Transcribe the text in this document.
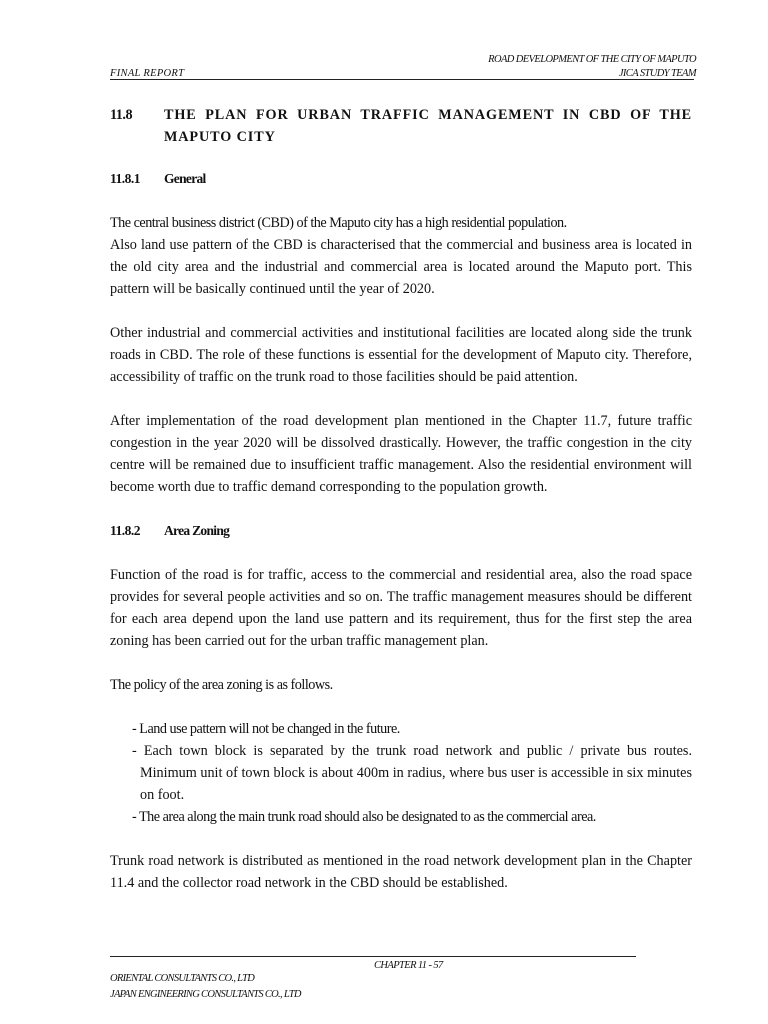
ROAD DEVELOPMENT OF THE CITY OF MAPUTO
FINAL REPORT	JICA STUDY TEAM
11.8	THE PLAN FOR URBAN TRAFFIC MANAGEMENT IN CBD OF THE MAPUTO CITY
11.8.1	General

The central business district (CBD) of the Maputo city has a high residential population.

Also land use pattern of the CBD is characterised that the commercial and business area is located in the old city area and the industrial and commercial area is located around the Maputo port. This pattern will be basically continued until the year of 2020.

Other industrial and commercial activities and institutional facilities are located along side the trunk roads in CBD. The role of these functions is essential for the development of Maputo city. Therefore, accessibility of traffic on the trunk road to those facilities should be paid attention.

After implementation of the road development plan mentioned in the Chapter 11.7, future traffic congestion in the year 2020 will be dissolved drastically. However, the traffic congestion in the city centre will be remained due to insufficient traffic management. Also the residential environment will become worth due to traffic demand corresponding to the population growth.

11.8.2	Area Zoning

Function of the road is for traffic, access to the commercial and residential area, also the road space provides for several people activities and so on. The traffic management measures should be different for each area depend upon the land use pattern and its requirement, thus for the first step the area zoning has been carried out for the urban traffic management plan.

The policy of the area zoning is as follows.

- Land use pattern will not be changed in the future.
- Each town block is separated by the trunk road network and public / private bus routes. Minimum unit of town block is about 400m in radius, where bus user is accessible in six minutes on foot.
- The area along the main trunk road should also be designated to as the commercial area.

Trunk road network is distributed as mentioned in the road network development plan in the Chapter 11.4 and the collector road network in the CBD should be established.

CHAPTER 11 - 57
ORIENTAL CONSULTANTS CO., LTD
JAPAN ENGINEERING CONSULTANTS CO., LTD
